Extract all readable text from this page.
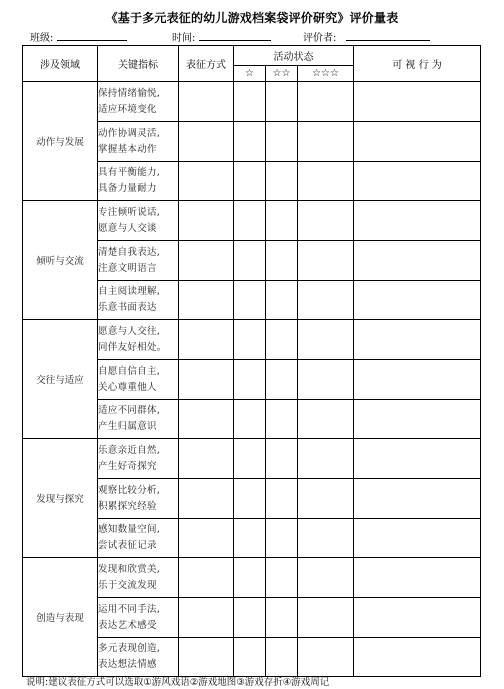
《基于多元表征的幼儿游戏档案袋评价研究》评价量表
班级:	时间:	评价者:
涉及领域	关键指标	表征方式	活动状态			可 视 行 为
			☆	☆☆	☆☆☆	
动作与发展	保持情绪愉悦,
适应环境变化					

	动作协调灵活,
掌握基本动作					

	具有平衡能力,
具备力量耐力					

倾听与交流	专注倾听说话,
愿意与人交谈					

	清楚自我表达,
注意文明语言					

	自主阅读理解,
乐意书面表达					

交往与适应	愿意与人交往,
同伴友好相处。					

	自愿自信自主,
关心尊重他人					

	适应不同群体,
产生归属意识					

发现与探究	乐意亲近自然,
产生好奇探究					

	观察比较分析,
积累探究经验					

	感知数量空间,
尝试表征记录					

创造与表现	发现和欣赏美,
乐于交流发现					

	运用不同手法,
表达艺术感受					

	多元表现创造,
表达想法情感					

说明:建议表征方式可以选取①游风戏语②游戏地图③游戏存折④游戏周记
